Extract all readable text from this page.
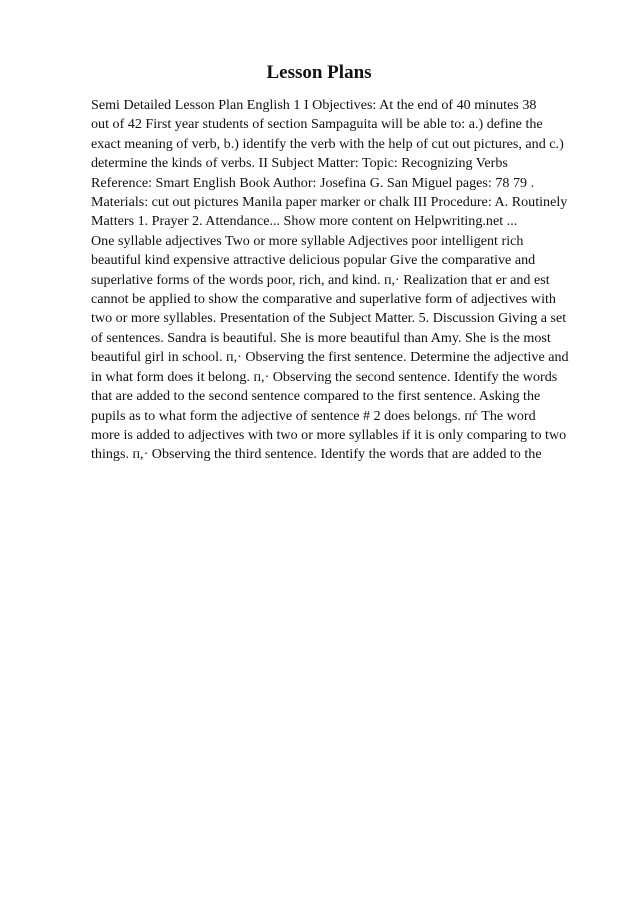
Lesson Plans
Semi Detailed Lesson Plan English 1 I Objectives: At the end of 40 minutes 38
out of 42 First year students of section Sampaguita will be able to: a.) define the
exact meaning of verb, b.) identify the verb with the help of cut out pictures, and c.)
determine the kinds of verbs. II Subject Matter: Topic: Recognizing Verbs
Reference: Smart English Book Author: Josefina G. San Miguel pages: 78 79 .
Materials: cut out pictures Manila paper marker or chalk III Procedure: A. Routinely
Matters 1. Prayer 2. Attendance... Show more content on Helpwriting.net ...
One syllable adjectives Two or more syllable Adjectives poor intelligent rich
beautiful kind expensive attractive delicious popular Give the comparative and
superlative forms of the words poor, rich, and kind. п,· Realization that er and est
cannot be applied to show the comparative and superlative form of adjectives with
two or more syllables. Presentation of the Subject Matter. 5. Discussion Giving a set
of sentences. Sandra is beautiful. She is more beautiful than Amy. She is the most
beautiful girl in school. п,· Observing the first sentence. Determine the adjective and
in what form does it belong. п,· Observing the second sentence. Identify the words
that are added to the second sentence compared to the first sentence. Asking the
pupils as to what form the adjective of sentence # 2 does belongs. пѓ The word
more is added to adjectives with two or more syllables if it is only comparing to two
things. п,· Observing the third sentence. Identify the words that are added to the
